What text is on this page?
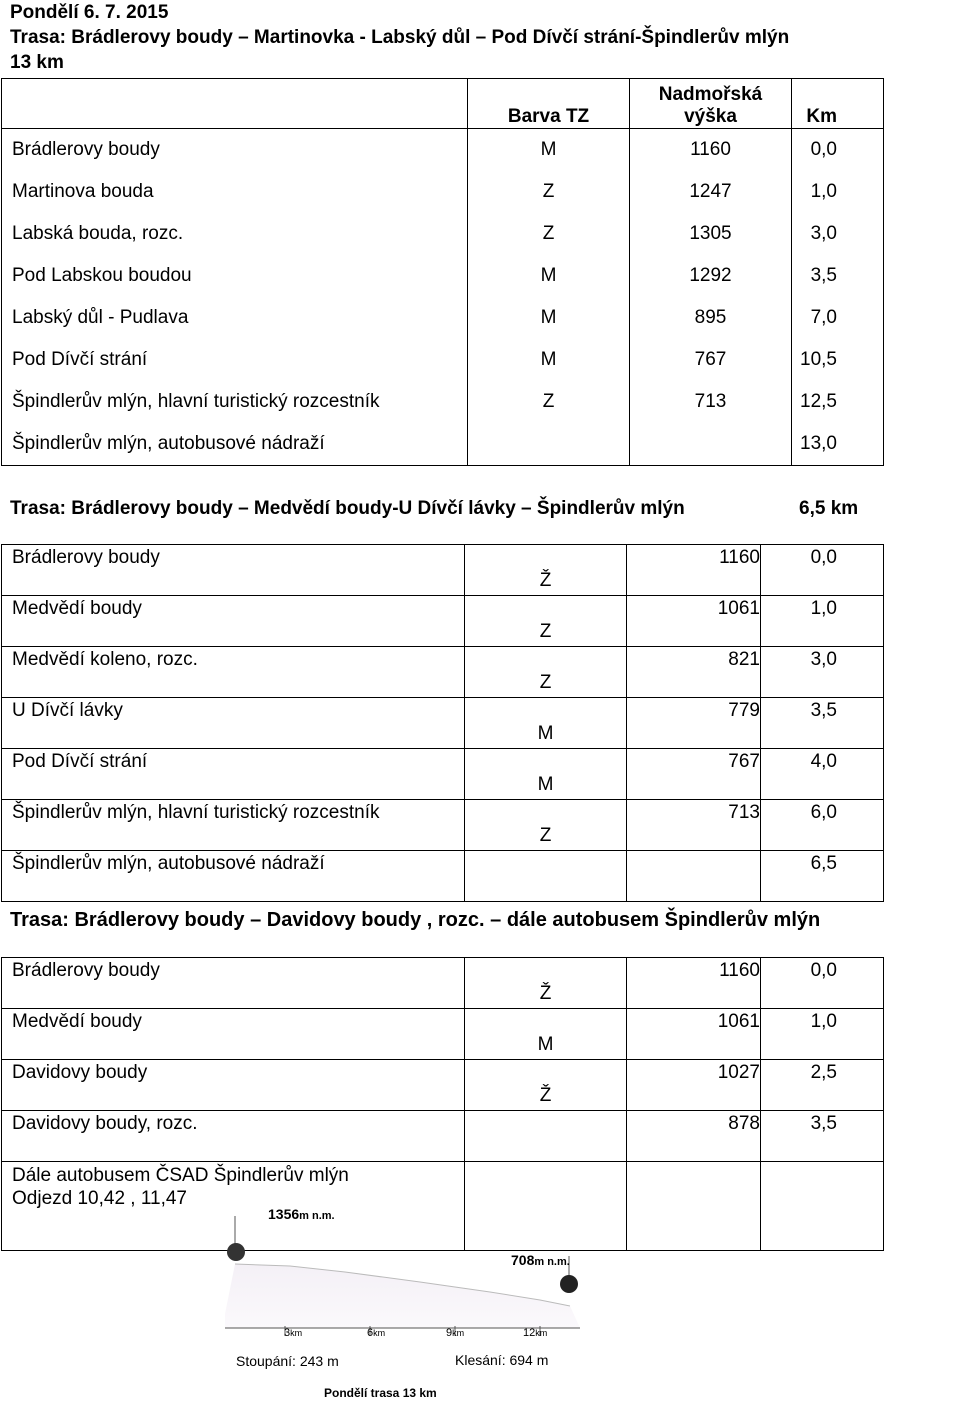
Pondělí 6. 7. 2015
Trasa: Brádlerovy boudy – Martinovka - Labský důl – Pod Dívčí strání-Špindlerův mlýn
13 km
	Barva TZ	Nadmořská výška	Km
Brádlerovy boudy	M	1160	0,0
Martinova bouda	Z	1247	1,0
Labská bouda, rozc.	Z	1305	3,0
Pod Labskou boudou	M	1292	3,5
Labský důl - Pudlava	M	895	7,0
Pod Dívčí strání	M	767	10,5
Špindlerův mlýn, hlavní turistický rozcestník	Z	713	12,5
Špindlerův mlýn, autobusové nádraží			13,0
Trasa: Brádlerovy boudy – Medvědí boudy-U Dívčí lávky – Špindlerův mlýn	6,5 km
Brádlerovy boudy	Ž	1160	0,0
Medvědí boudy	Z	1061	1,0
Medvědí koleno, rozc.	Z	821	3,0
U Dívčí lávky	M	779	3,5
Pod Dívčí strání	M	767	4,0
Špindlerův mlýn, hlavní turistický rozcestník	Z	713	6,0
Špindlerův mlýn, autobusové nádraží			6,5
Trasa: Brádlerovy boudy – Davidovy boudy , rozc. – dále autobusem Špindlerův mlýn
Brádlerovy boudy	Ž	1160	0,0
Medvědí boudy	M	1061	1,0
Davidovy boudy	Ž	1027	2,5
Davidovy boudy, rozc.		878	3,5

Dále autobusem ČSAD Špindlerův mlýn
Odjezd 10,42 , 11,47			

1356m n.m.
708m n.m.
3km	6km	9km	12km
Stoupání: 243 m	Klesání: 694 m
Pondělí trasa 13 km
